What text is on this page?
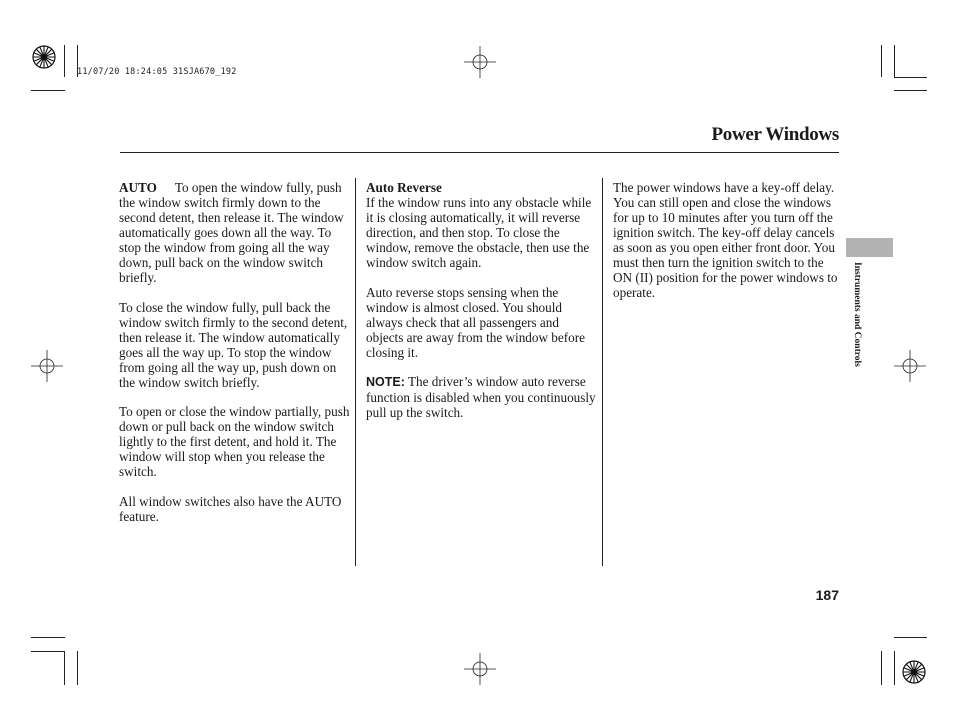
11/07/20 18:24:05 31SJA670_192
Power Windows

AUTO To open the window fully, push the window switch firmly down to the second detent, then release it. The window automatically goes down all the way. To stop the window from going all the way down, pull back on the window switch briefly.

To close the window fully, pull back the window switch firmly to the second detent, then release it. The window automatically goes all the way up. To stop the window from going all the way up, push down on the window switch briefly.

To open or close the window partially, push down or pull back on the window switch lightly to the first detent, and hold it. The window will stop when you release the switch.

All window switches also have the AUTO feature.

Auto Reverse

If the window runs into any obstacle while it is closing automatically, it will reverse direction, and then stop. To close the window, remove the obstacle, then use the window switch again.

Auto reverse stops sensing when the window is almost closed. You should always check that all passengers and objects are away from the window before closing it.

NOTE: The driver’s window auto reverse function is disabled when you continuously pull up the switch.

The power windows have a key-off delay. You can still open and close the windows for up to 10 minutes after you turn off the ignition switch. The key-off delay cancels as soon as you open either front door. You must then turn the ignition switch to the ON (II) position for the power windows to operate.	Instruments and Controls
187
